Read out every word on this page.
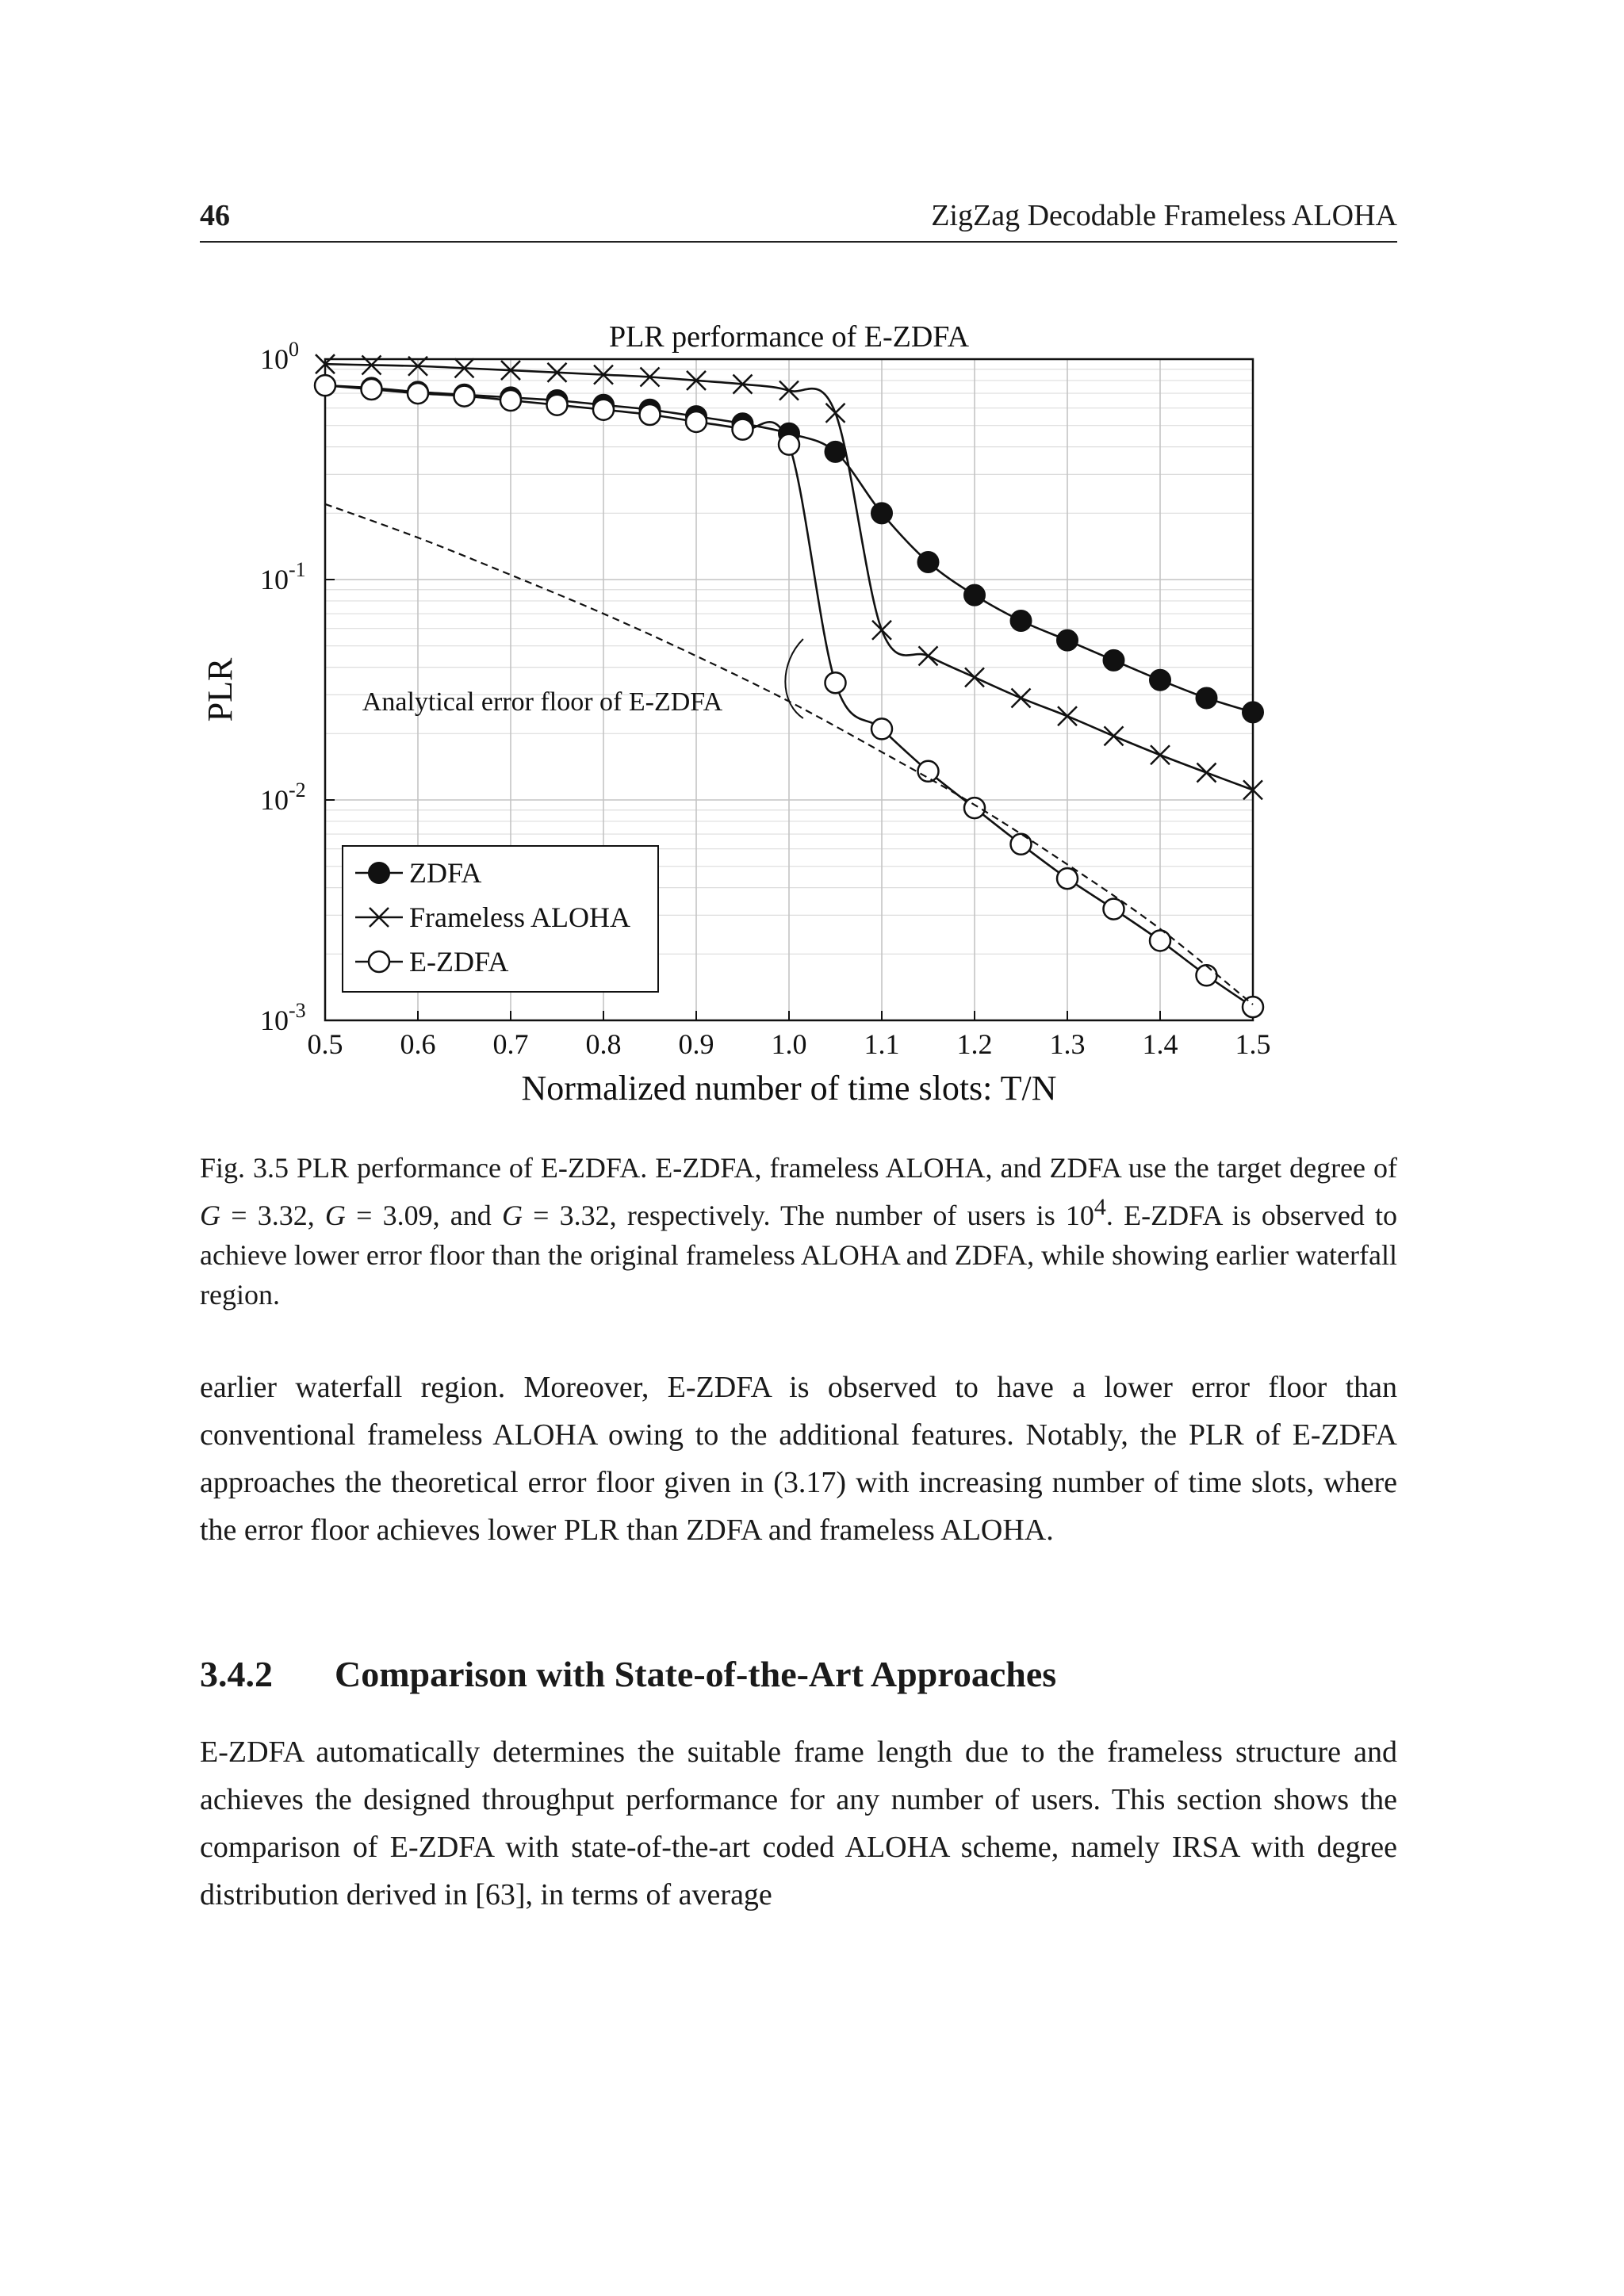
46	ZigZag Decodable Frameless ALOHA
0.5 0.6 0.7 0.8 0.9 1.0 1.1 1.2 1.3 1.4 1.5
$10^0$
$10^{-1}$
$10^{-2}$
$10^{-3}$
PLR performance of E-ZDFA
PLR
Normalized number of time slots: T/N
Analytical error floor of E-ZDFA
ZDFA
Frameless ALOHA
E-ZDFA
Fig. 3.5 PLR performance of E-ZDFA. E-ZDFA, frameless ALOHA, and ZDFA use the target degree of G = 3.32, G = 3.09, and G = 3.32, respectively. The number of users is $10^4$. E-ZDFA is observed to achieve lower error floor than the original frameless ALOHA and ZDFA, while showing earlier waterfall region.
earlier waterfall region. Moreover, E-ZDFA is observed to have a lower error floor than conventional frameless ALOHA owing to the additional features. Notably, the PLR of E-ZDFA approaches the theoretical error floor given in (3.17) with increasing number of time slots, where the error floor achieves lower PLR than ZDFA and frameless ALOHA.
3.4.2 Comparison with State-of-the-Art Approaches
E-ZDFA automatically determines the suitable frame length due to the frameless structure and achieves the designed throughput performance for any number of users. This section shows the comparison of E-ZDFA with state-of-the-art coded ALOHA scheme, namely IRSA with degree distribution derived in [63], in terms of average
